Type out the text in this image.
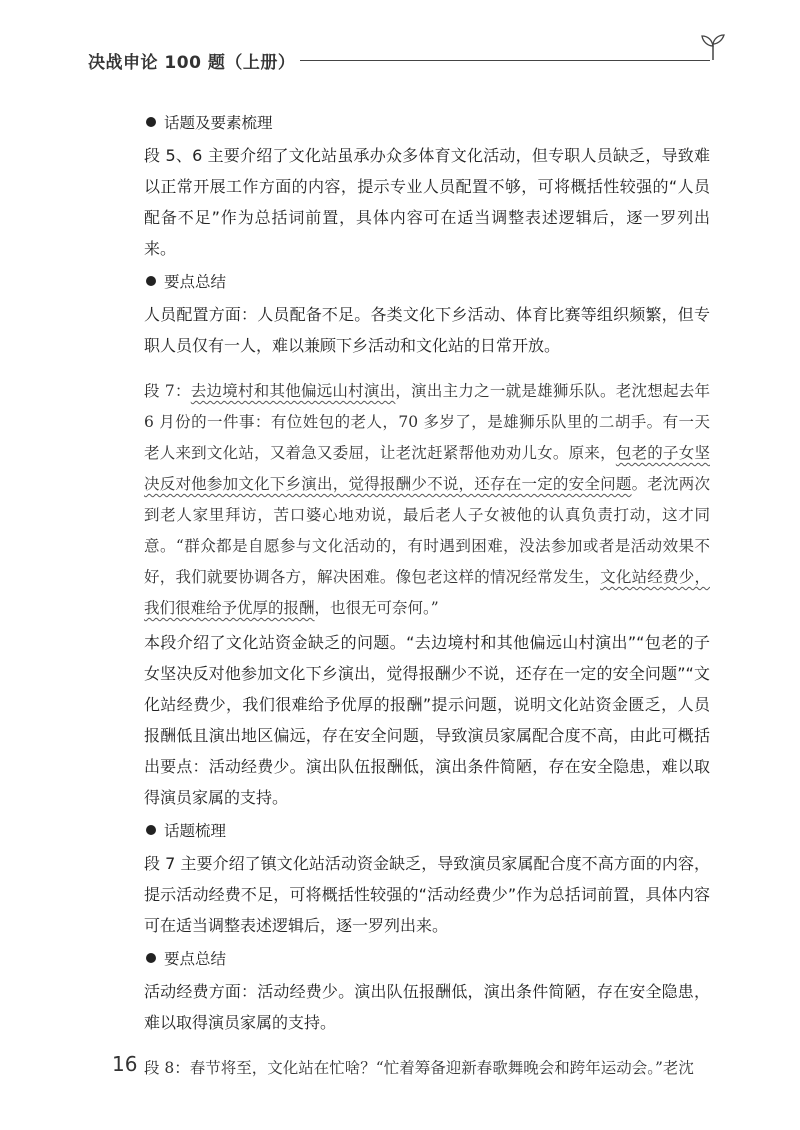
决战申论 100 题（上册）
话题及要素梳理

段 5、6 主要介绍了文化站虽承办众多体育文化活动，但专职人员缺乏，导致难以正常开展工作方面的内容，提示专业人员配置不够，可将概括性较强的“人员配备不足”作为总括词前置，具体内容可在适当调整表述逻辑后，逐一罗列出来。

要点总结

人员配置方面：人员配备不足。各类文化下乡活动、体育比赛等组织频繁，但专职人员仅有一人，难以兼顾下乡活动和文化站的日常开放。

段 7：去边境村和其他偏远山村演出，演出主力之一就是雄狮乐队。老沈想起去年 6 月份的一件事：有位姓包的老人，70 多岁了，是雄狮乐队里的二胡手。有一天老人来到文化站，又着急又委屈，让老沈赶紧帮他劝劝儿女。原来，包老的子女坚决反对他参加文化下乡演出，觉得报酬少不说，还存在一定的安全问题。老沈两次到老人家里拜访，苦口婆心地劝说，最后老人子女被他的认真负责打动，这才同意。“群众都是自愿参与文化活动的，有时遇到困难，没法参加或者是活动效果不好，我们就要协调各方，解决困难。像包老这样的情况经常发生，文化站经费少，我们很难给予优厚的报酬，也很无可奈何。”

本段介绍了文化站资金缺乏的问题。“去边境村和其他偏远山村演出”“包老的子女坚决反对他参加文化下乡演出，觉得报酬少不说，还存在一定的安全问题”“文化站经费少，我们很难给予优厚的报酬”提示问题，说明文化站资金匮乏，人员报酬低且演出地区偏远，存在安全问题，导致演员家属配合度不高，由此可概括出要点：活动经费少。演出队伍报酬低，演出条件简陋，存在安全隐患，难以取得演员家属的支持。

话题梳理

段 7 主要介绍了镇文化站活动资金缺乏，导致演员家属配合度不高方面的内容，提示活动经费不足，可将概括性较强的“活动经费少”作为总括词前置，具体内容可在适当调整表述逻辑后，逐一罗列出来。

要点总结

活动经费方面：活动经费少。演出队伍报酬低，演出条件简陋，存在安全隐患，难以取得演员家属的支持。

段 8：春节将至，文化站在忙啥？“忙着筹备迎新春歌舞晚会和跨年运动会。”老沈

16
